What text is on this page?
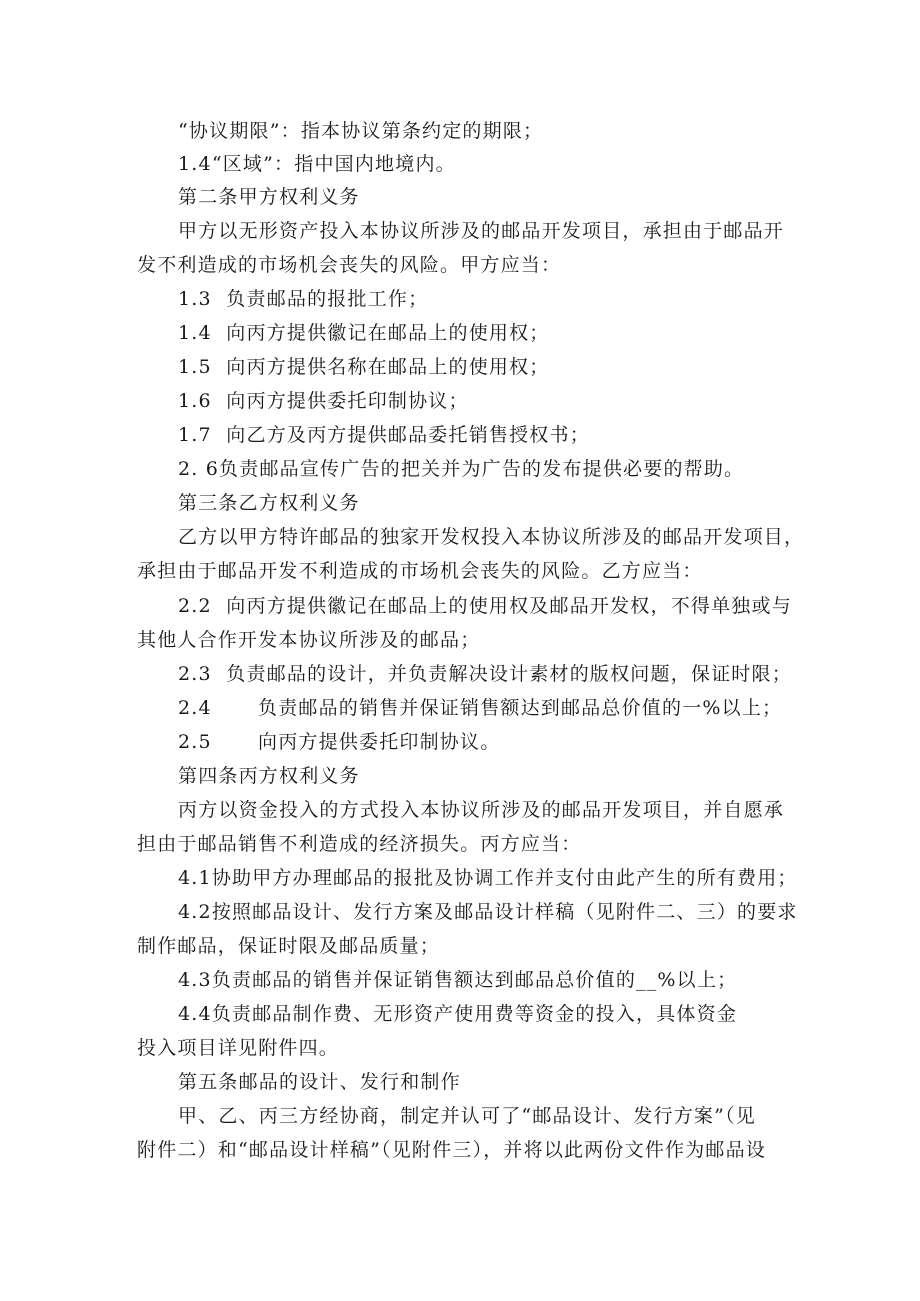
“协议期限”：指本协议第条约定的期限；
1.4“区域”：指中国内地境内。
第二条甲方权利义务
甲方以无形资产投入本协议所涉及的邮品开发项目，承担由于邮品开
发不利造成的市场机会丧失的风险。甲方应当：
1.3  负责邮品的报批工作；
1.4  向丙方提供徽记在邮品上的使用权；
1.5  向丙方提供名称在邮品上的使用权；
1.6  向丙方提供委托印制协议；
1.7  向乙方及丙方提供邮品委托销售授权书；
2. 6负责邮品宣传广告的把关并为广告的发布提供必要的帮助。
第三条乙方权利义务
乙方以甲方特许邮品的独家开发权投入本协议所涉及的邮品开发项目，
承担由于邮品开发不利造成的市场机会丧失的风险。乙方应当：
2.2  向丙方提供徽记在邮品上的使用权及邮品开发权，不得单独或与
其他人合作开发本协议所涉及的邮品；
2.3  负责邮品的设计，并负责解决设计素材的版权问题，保证时限；
2.4 负责邮品的销售并保证销售额达到邮品总价值的一%以上；
2.5 向丙方提供委托印制协议。
第四条丙方权利义务
丙方以资金投入的方式投入本协议所涉及的邮品开发项目，并自愿承
担由于邮品销售不利造成的经济损失。丙方应当：
4.1协助甲方办理邮品的报批及协调工作并支付由此产生的所有费用；
4.2按照邮品设计、发行方案及邮品设计样稿（见附件二、三）的要求
制作邮品，保证时限及邮品质量；
4.3负责邮品的销售并保证销售额达到邮品总价值的__%以上；
4.4负责邮品制作费、无形资产使用费等资金的投入，具体资金
投入项目详见附件四。
第五条邮品的设计、发行和制作
甲、乙、丙三方经协商，制定并认可了“邮品设计、发行方案”（见
附件二）和“邮品设计样稿”（见附件三），并将以此两份文件作为邮品设
